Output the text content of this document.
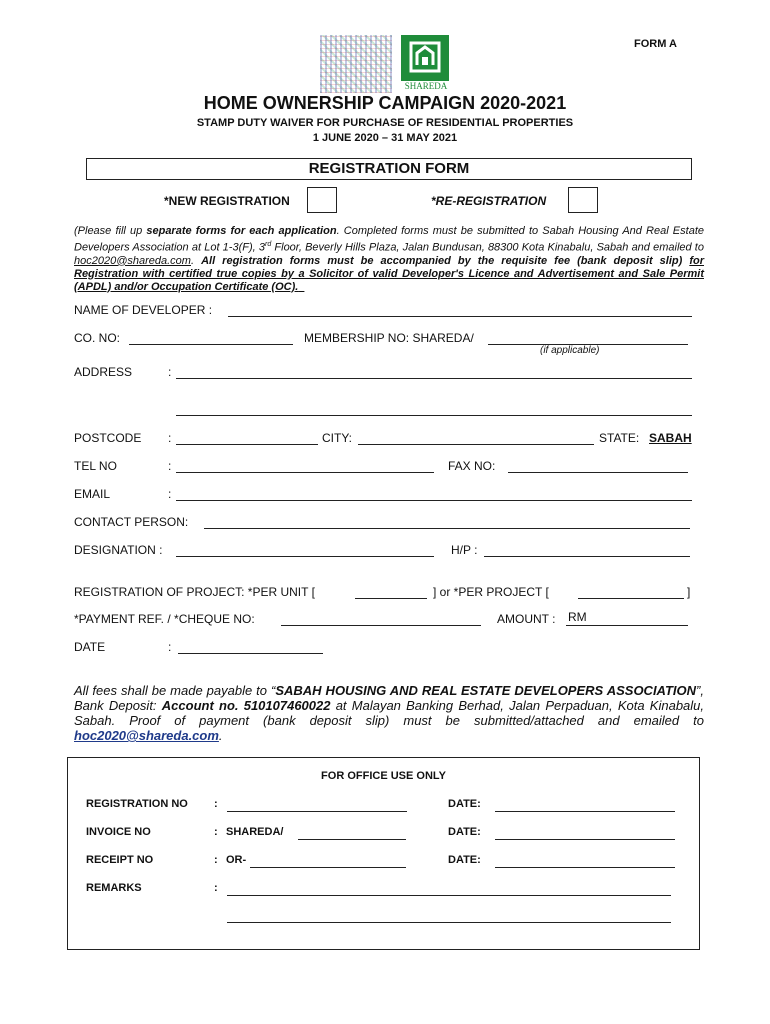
FORM A
SHAREDA
HOME OWNERSHIP CAMPAIGN 2020-2021
STAMP DUTY WAIVER FOR PURCHASE OF RESIDENTIAL PROPERTIES
1 JUNE 2020 – 31 MAY 2021
REGISTRATION FORM
*NEW REGISTRATION	*RE-REGISTRATION
(Please fill up separate forms for each application. Completed forms must be submitted to Sabah Housing And Real Estate Developers Association at Lot 1-3(F), 3rd Floor, Beverly Hills Plaza, Jalan Bundusan, 88300 Kota Kinabalu, Sabah and emailed to hoc2020@shareda.com. All registration forms must be accompanied by the requisite fee (bank deposit slip) for Registration with certified true copies by a Solicitor of valid Developer's Licence and Advertisement and Sale Permit (APDL) and/or Occupation Certificate (OC)._
NAME OF DEVELOPER :
CO. NO:	MEMBERSHIP NO: SHAREDA/
(if applicable)
ADDRESS	:
POSTCODE :	CITY:	STATE: SABAH
TEL NO	:	FAX NO:
EMAIL	:
CONTACT PERSON:
DESIGNATION :	H/P :
REGISTRATION OF PROJECT: *PER UNIT [	] or *PER PROJECT [	]
*PAYMENT REF. / *CHEQUE NO:	AMOUNT : RM
DATE	:
All fees shall be made payable to “SABAH HOUSING AND REAL ESTATE DEVELOPERS ASSOCIATION”, Bank Deposit: Account no. 510107460022 at Malayan Banking Berhad, Jalan Perpaduan, Kota Kinabalu, Sabah. Proof of payment (bank deposit slip) must be submitted/attached and emailed to hoc2020@shareda.com.
FOR OFFICE USE ONLY
REGISTRATION NO :	DATE:
INVOICE NO	: SHAREDA/	DATE:
RECEIPT NO	: OR-	DATE:
REMARKS	:
